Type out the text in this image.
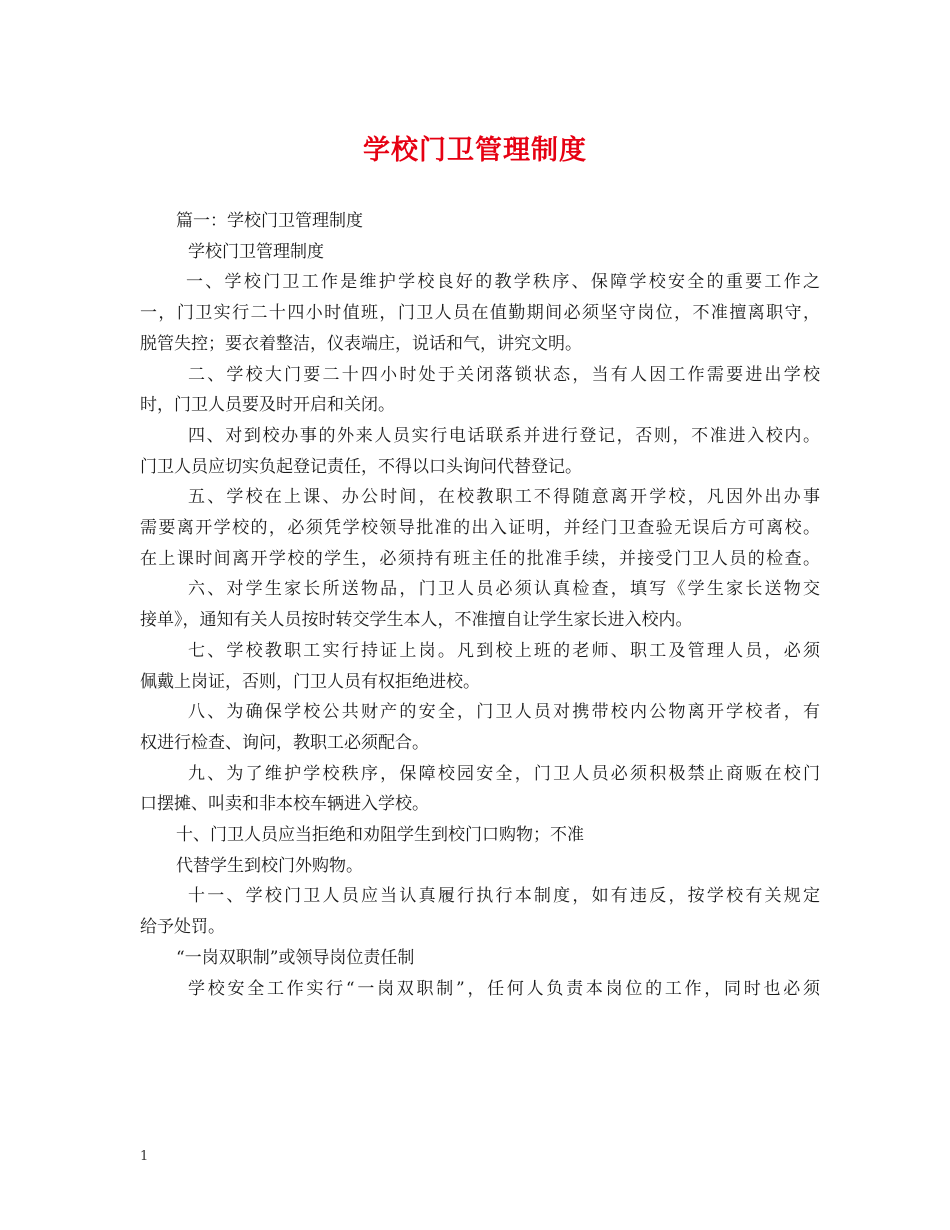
学校门卫管理制度
篇一：学校门卫管理制度
学校门卫管理制度
一、学校门卫工作是维护学校良好的教学秩序、保障学校安全的重要工作之
一，门卫实行二十四小时值班，门卫人员在值勤期间必须坚守岗位，不准擅离职守，
脱管失控；要衣着整洁，仪表端庄，说话和气，讲究文明。
二、学校大门要二十四小时处于关闭落锁状态，当有人因工作需要进出学校
时，门卫人员要及时开启和关闭。
四、对到校办事的外来人员实行电话联系并进行登记，否则，不准进入校内。
门卫人员应切实负起登记责任，不得以口头询问代替登记。
五、学校在上课、办公时间，在校教职工不得随意离开学校，凡因外出办事
需要离开学校的，必须凭学校领导批准的出入证明，并经门卫查验无误后方可离校。
在上课时间离开学校的学生，必须持有班主任的批准手续，并接受门卫人员的检查。
六、对学生家长所送物品，门卫人员必须认真检查，填写《学生家长送物交
接单》，通知有关人员按时转交学生本人，不准擅自让学生家长进入校内。
七、学校教职工实行持证上岗。凡到校上班的老师、职工及管理人员，必须
佩戴上岗证，否则，门卫人员有权拒绝进校。
八、为确保学校公共财产的安全，门卫人员对携带校内公物离开学校者，有
权进行检查、询问，教职工必须配合。
九、为了维护学校秩序，保障校园安全，门卫人员必须积极禁止商贩在校门
口摆摊、叫卖和非本校车辆进入学校。
十、门卫人员应当拒绝和劝阻学生到校门口购物；不准
代替学生到校门外购物。
十一、学校门卫人员应当认真履行执行本制度，如有违反，按学校有关规定
给予处罚。
“一岗双职制”或领导岗位责任制
学校安全工作实行“一岗双职制”，任何人负责本岗位的工作，同时也必须
1
